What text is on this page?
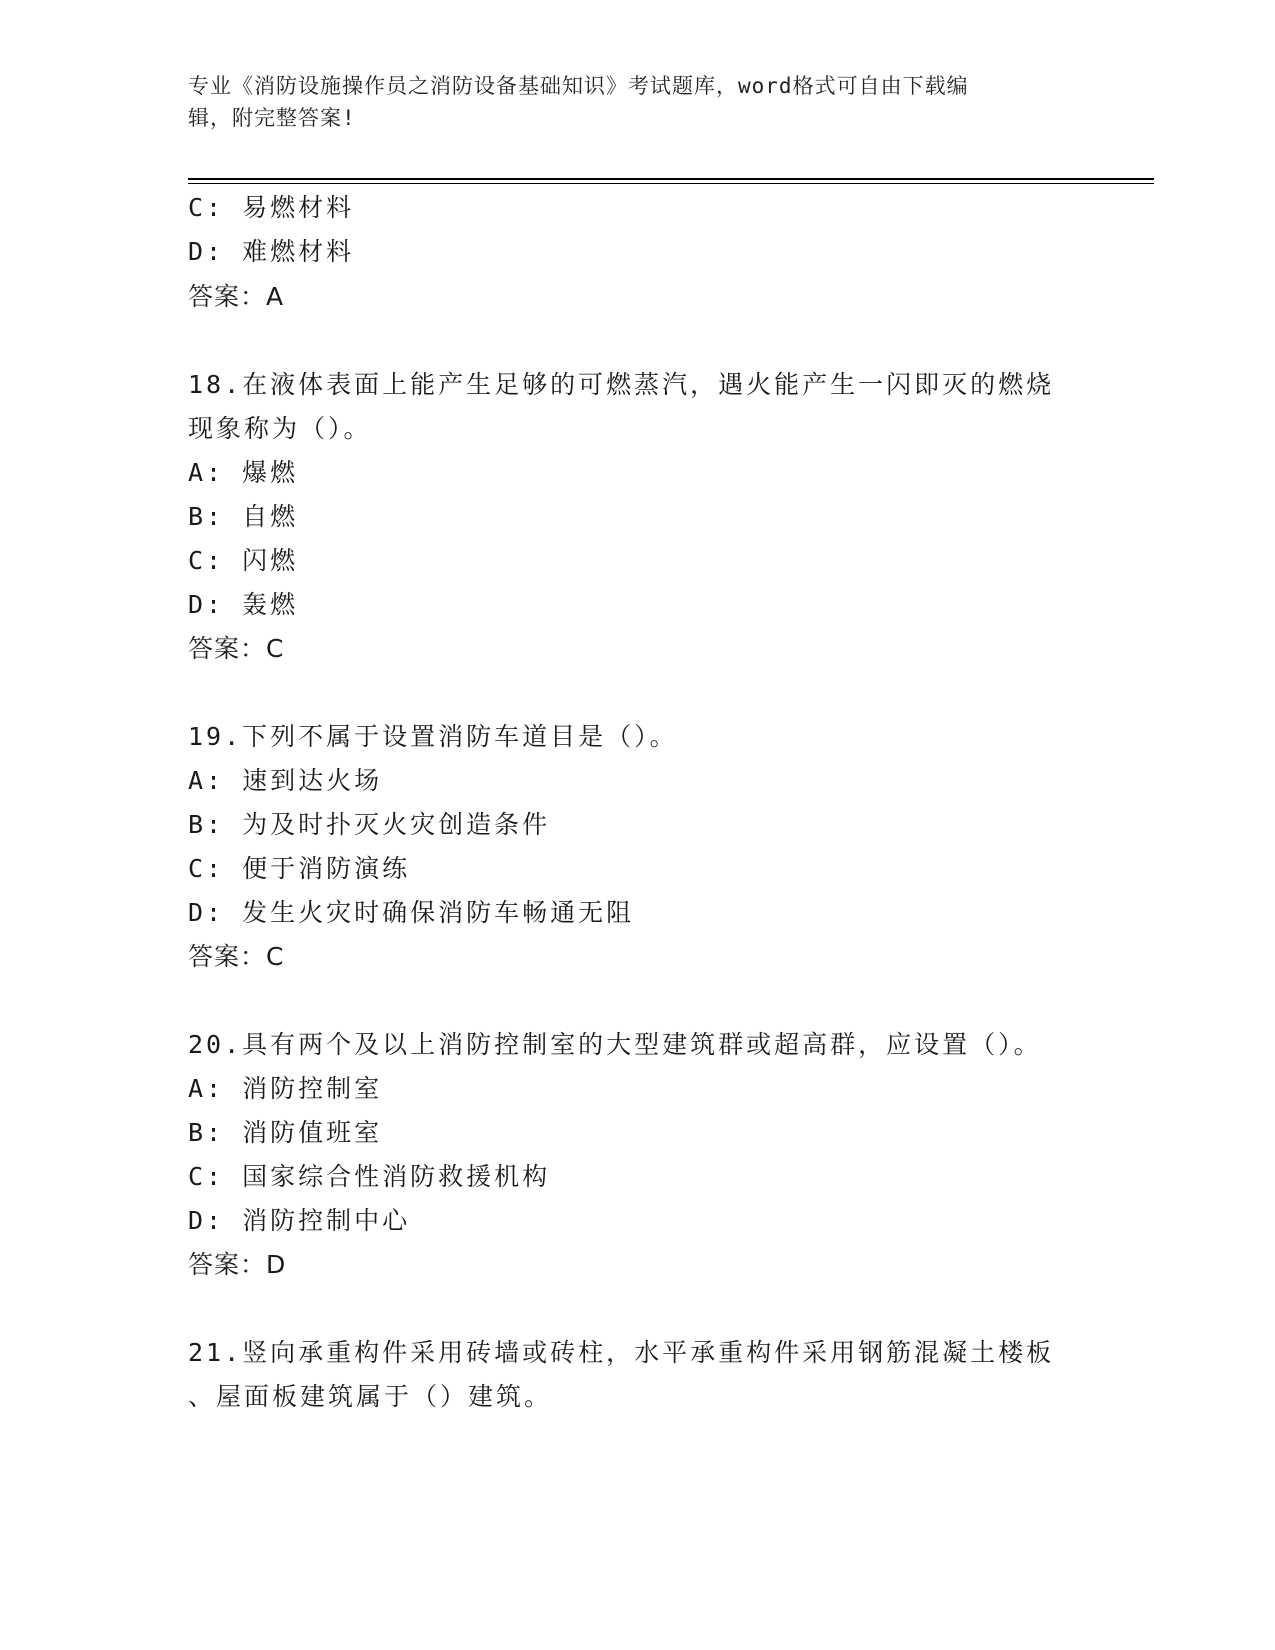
专业《消防设施操作员之消防设备基础知识》考试题库，word格式可自由下载编
辑，附完整答案!
C: 易燃材料
D: 难燃材料
答案：A
18.在液体表面上能产生足够的可燃蒸汽，遇火能产生一闪即灭的燃烧
现象称为（）。
A: 爆燃
B: 自燃
C: 闪燃
D: 轰燃
答案：C
19.下列不属于设置消防车道目是（）。
A: 速到达火场
B: 为及时扑灭火灾创造条件
C: 便于消防演练
D: 发生火灾时确保消防车畅通无阻
答案：C
20.具有两个及以上消防控制室的大型建筑群或超高群，应设置（）。
A: 消防控制室
B: 消防值班室
C: 国家综合性消防救援机构
D: 消防控制中心
答案：D
21.竖向承重构件采用砖墙或砖柱，水平承重构件采用钢筋混凝土楼板
、屋面板建筑属于（）建筑。
